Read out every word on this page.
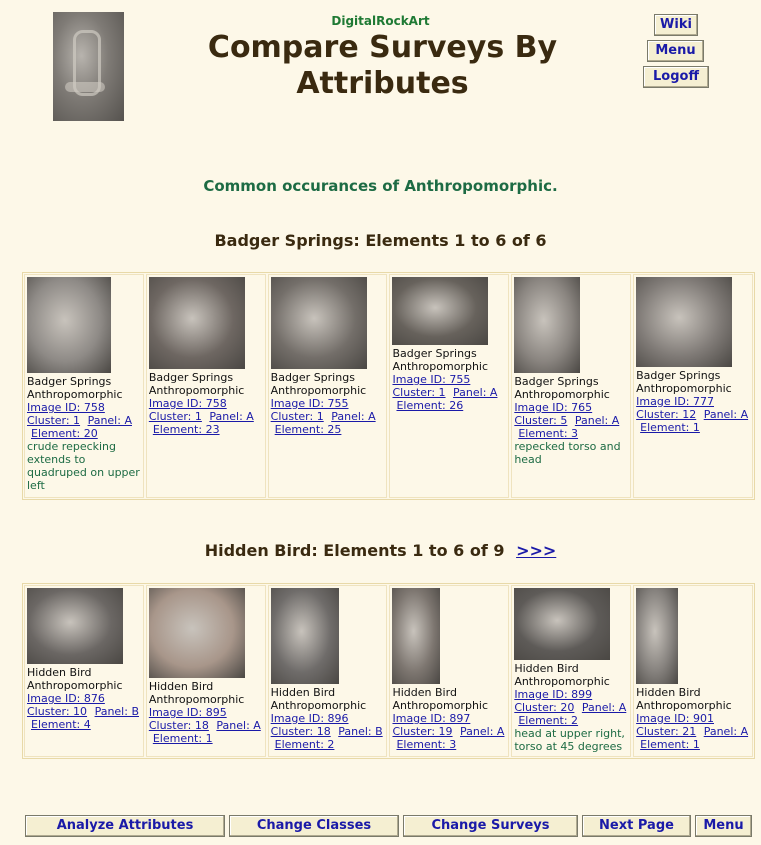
DigitalRockArt
Compare Surveys By Attributes
Wiki
Menu
Logoff
Common occurances of Anthropomorphic.
Badger Springs: Elements 1 to 6 of 6
Badger Springs
Anthropomorphic
Image ID: 758
Cluster: 1 Panel: A Element: 20
crude repecking extends to quadruped on upper left
Badger Springs
Anthropomorphic
Image ID: 758
Cluster: 1 Panel: A Element: 23
Badger Springs
Anthropomorphic
Image ID: 755
Cluster: 1 Panel: A Element: 25
Badger Springs
Anthropomorphic
Image ID: 755
Cluster: 1 Panel: A Element: 26
Badger Springs
Anthropomorphic
Image ID: 765
Cluster: 5 Panel: A Element: 3
repecked torso and head
Badger Springs
Anthropomorphic
Image ID: 777
Cluster: 12 Panel: A Element: 1
Hidden Bird: Elements 1 to 6 of 9 >>>
Hidden Bird
Anthropomorphic
Image ID: 876
Cluster: 10 Panel: B Element: 4
Hidden Bird
Anthropomorphic
Image ID: 895
Cluster: 18 Panel: A Element: 1
Hidden Bird
Anthropomorphic
Image ID: 896
Cluster: 18 Panel: B Element: 2
Hidden Bird
Anthropomorphic
Image ID: 897
Cluster: 19 Panel: A Element: 3
Hidden Bird
Anthropomorphic
Image ID: 899
Cluster: 20 Panel: A Element: 2
head at upper right, torso at 45 degrees
Hidden Bird
Anthropomorphic
Image ID: 901
Cluster: 21 Panel: A Element: 1
Analyze Attributes	Change Classes	Change Surveys	Next Page	Menu
